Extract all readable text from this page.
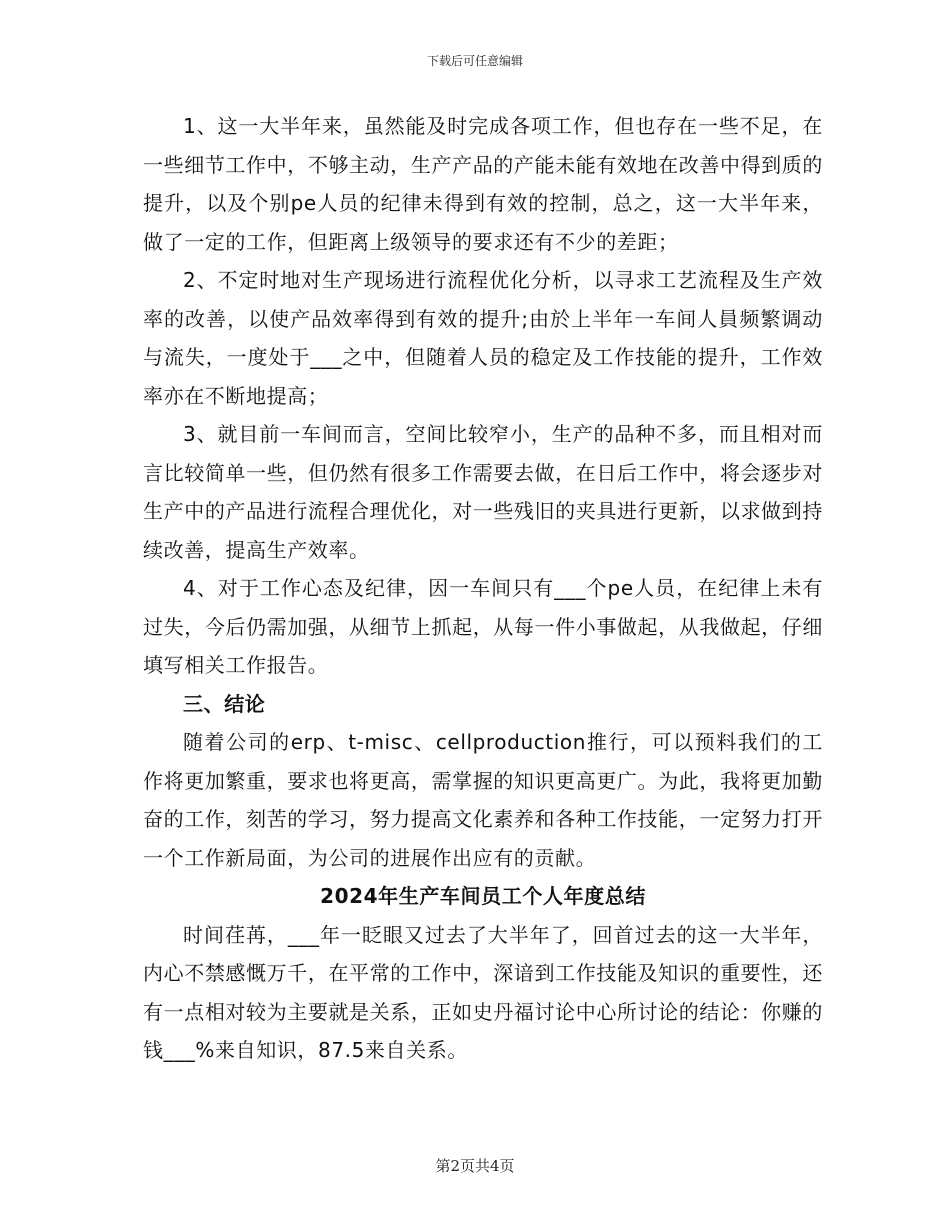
下载后可任意编辑

1、这一大半年来，虽然能及时完成各项工作，但也存在一些不足，在一些细节工作中，不够主动，生产产品的产能未能有效地在改善中得到质的提升，以及个别pe人员的纪律未得到有效的控制，总之，这一大半年来，做了一定的工作，但距离上级领导的要求还有不少的差距；

2、不定时地对生产现场进行流程优化分析，以寻求工艺流程及生产效率的改善，以使产品效率得到有效的提升;由於上半年一车间人員频繁调动与流失，一度处于___之中，但随着人员的稳定及工作技能的提升，工作效率亦在不断地提高；

3、就目前一车间而言，空间比较窄小，生产的品种不多，而且相对而言比较简单一些，但仍然有很多工作需要去做，在日后工作中，将会逐步对生产中的产品进行流程合理优化，对一些残旧的夹具进行更新，以求做到持续改善，提高生产效率。

4、对于工作心态及纪律，因一车间只有___个pe人员，在纪律上未有过失，今后仍需加强，从细节上抓起，从每一件小事做起，从我做起，仔细填写相关工作报告。

三、结论

随着公司的erp、t-misc、cellproduction推行，可以预料我们的工作将更加繁重，要求也将更高，需掌握的知识更高更广。为此，我将更加勤奋的工作，刻苦的学习，努力提高文化素养和各种工作技能，一定努力打开一个工作新局面，为公司的进展作出应有的贡献。

2024年生产车间员工个人年度总结

时间荏苒，___年一眨眼又过去了大半年了，回首过去的这一大半年，内心不禁感慨万千，在平常的工作中，深谙到工作技能及知识的重要性，还有一点相对较为主要就是关系，正如史丹福讨论中心所讨论的结论：你赚的钱___%来自知识，87.5来自关系。

第2页共4页
